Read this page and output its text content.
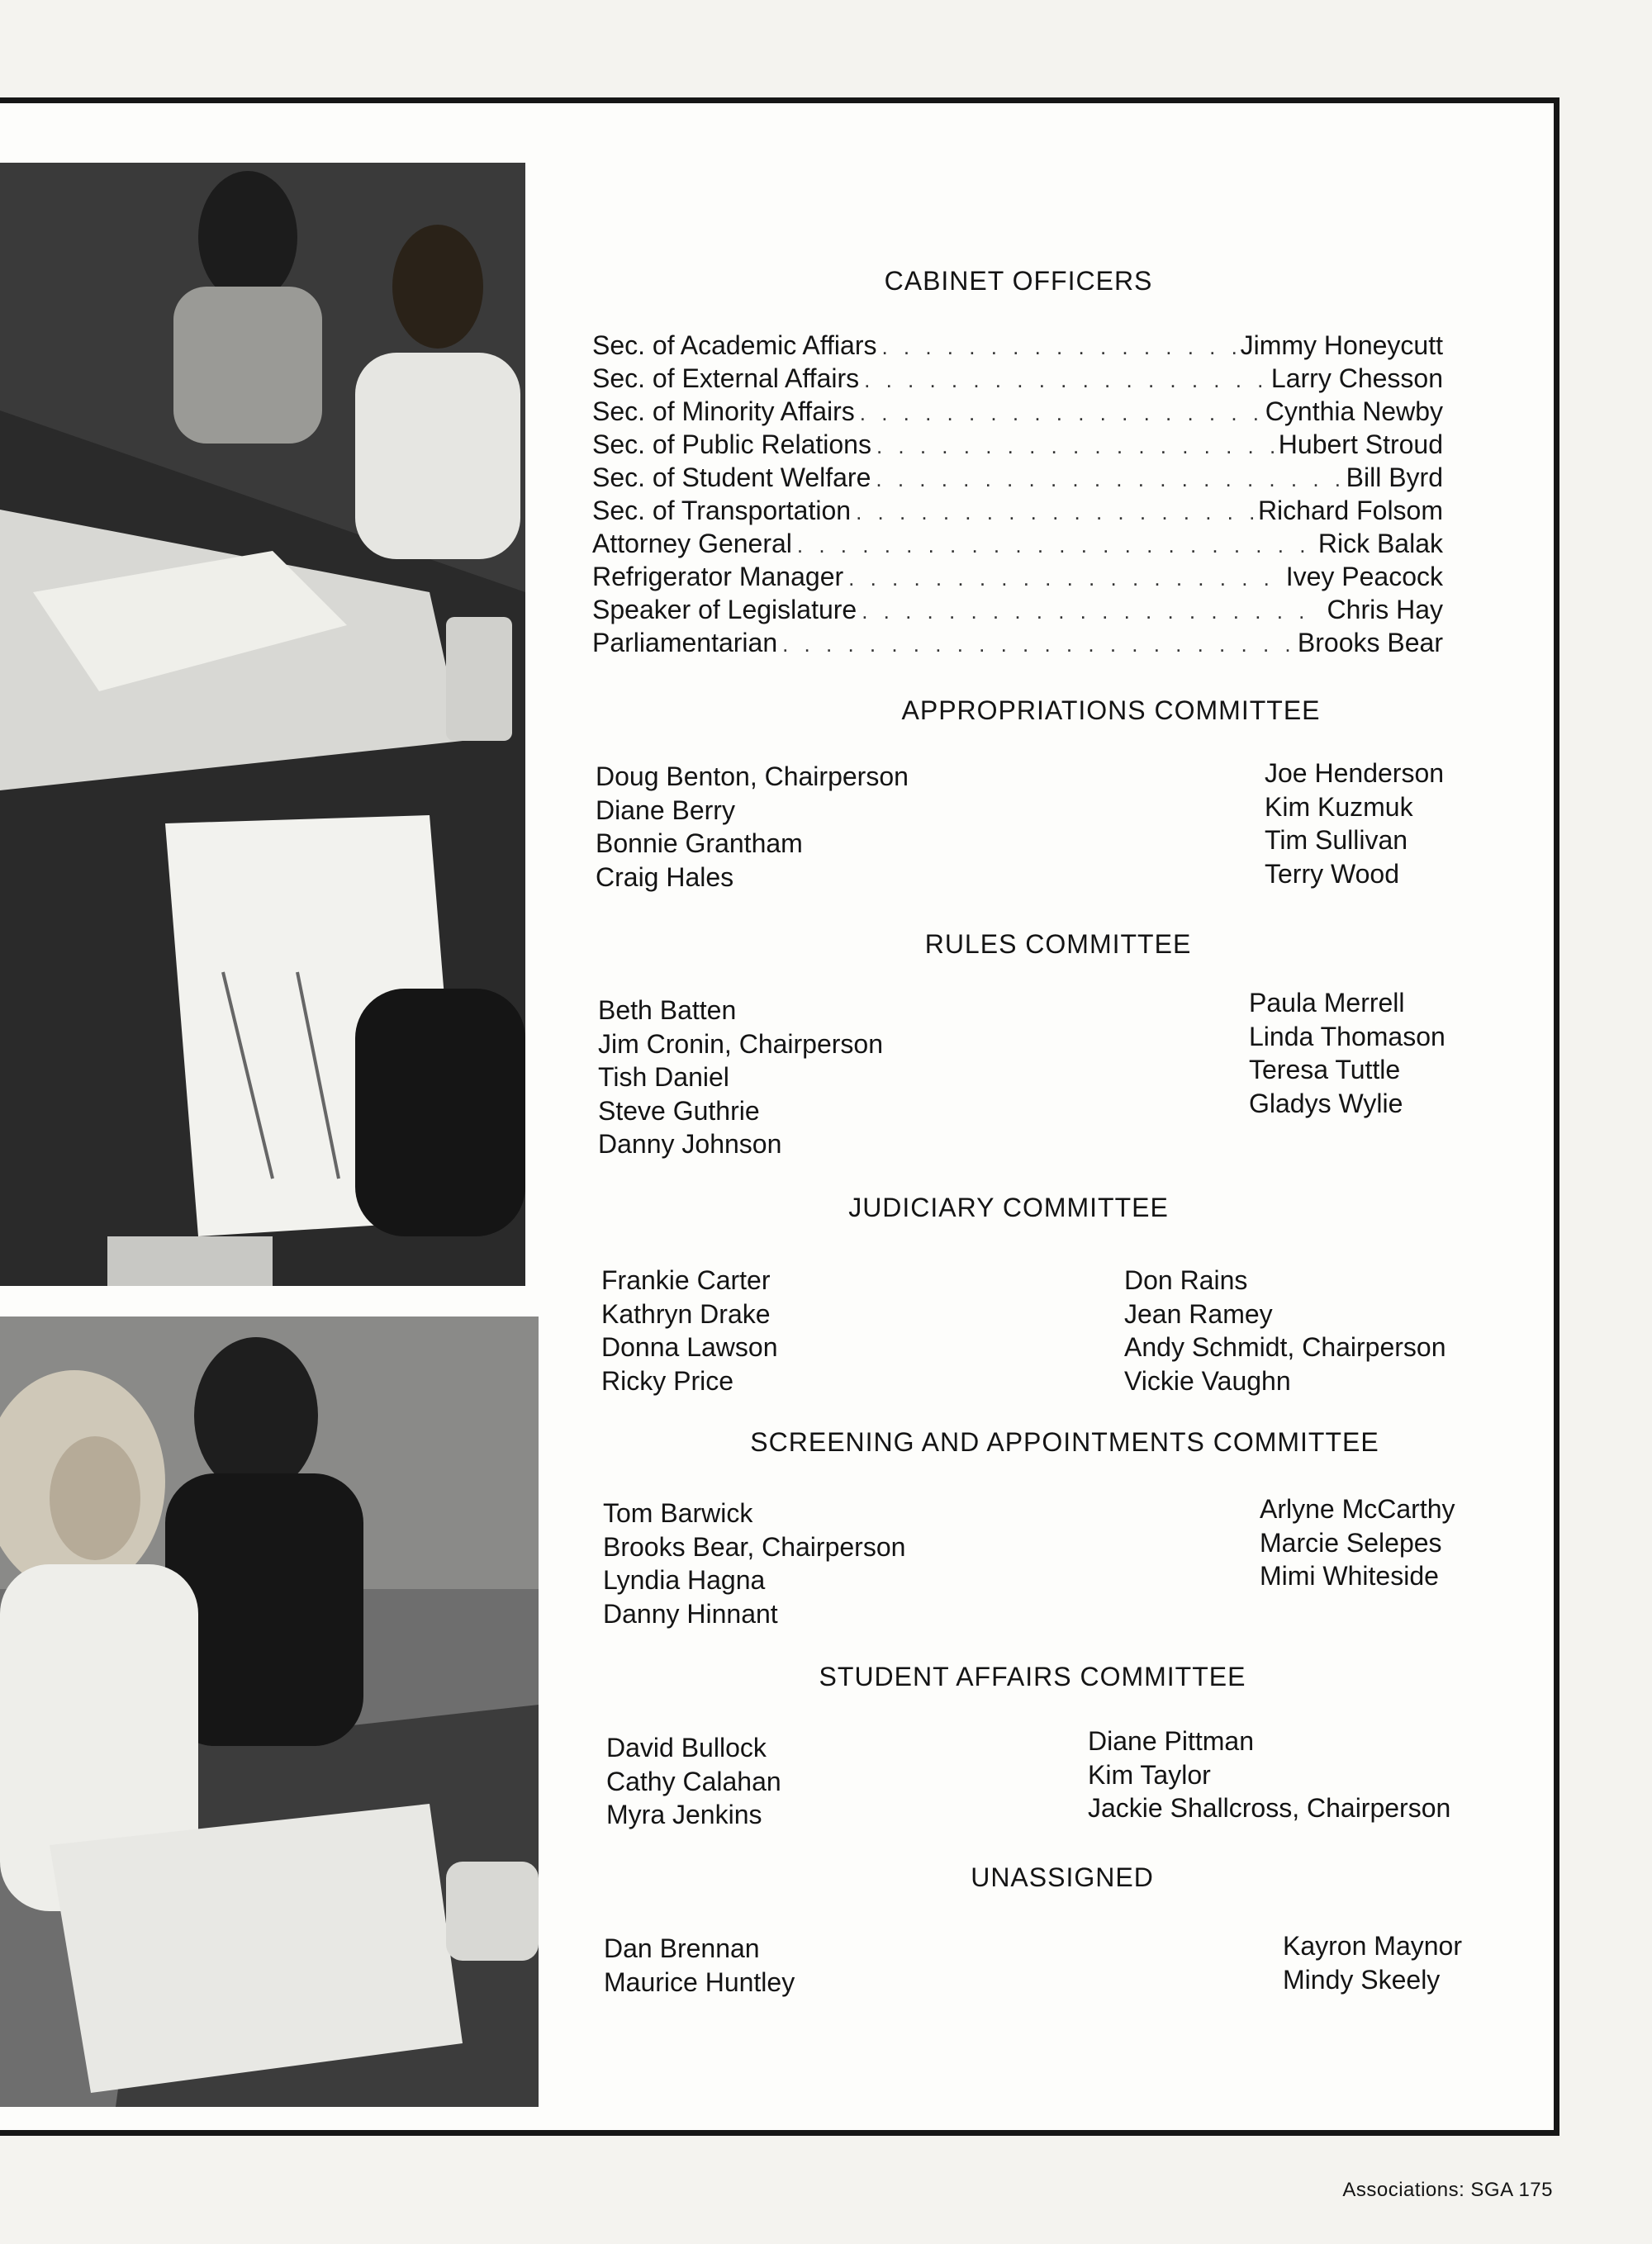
CABINET OFFICERS
Sec. of Academic Affiars . . .	Jimmy Honeycutt
Sec. of External Affairs . . .	Larry Chesson
Sec. of Minority Affairs . . .	Cynthia Newby
Sec. of Public Relations . . .	Hubert Stroud
Sec. of Student Welfare . . .	Bill Byrd
Sec. of Transportation . . .	Richard Folsom
Attorney General . . .	Rick Balak
Refrigerator Manager . . .	Ivey Peacock
Speaker of Legislature . . .	Chris Hay
Parliamentarian . . .	Brooks Bear
APPROPRIATIONS COMMITTEE
Doug Benton, Chairperson
Diane Berry
Bonnie Grantham
Craig Hales
Joe Henderson
Kim Kuzmuk
Tim Sullivan
Terry Wood
RULES COMMITTEE
Beth Batten
Jim Cronin, Chairperson
Tish Daniel
Steve Guthrie
Danny Johnson
Paula Merrell
Linda Thomason
Teresa Tuttle
Gladys Wylie
JUDICIARY COMMITTEE
Frankie Carter
Kathryn Drake
Donna Lawson
Ricky Price
Don Rains
Jean Ramey
Andy Schmidt, Chairperson
Vickie Vaughn
SCREENING AND APPOINTMENTS COMMITTEE
Tom Barwick
Brooks Bear, Chairperson
Lyndia Hagna
Danny Hinnant
Arlyne McCarthy
Marcie Selepes
Mimi Whiteside
STUDENT AFFAIRS COMMITTEE
David Bullock
Cathy Calahan
Myra Jenkins
Diane Pittman
Kim Taylor
Jackie Shallcross, Chairperson
UNASSIGNED
Dan Brennan
Maurice Huntley
Kayron Maynor
Mindy Skeely
Associations: SGA 175
